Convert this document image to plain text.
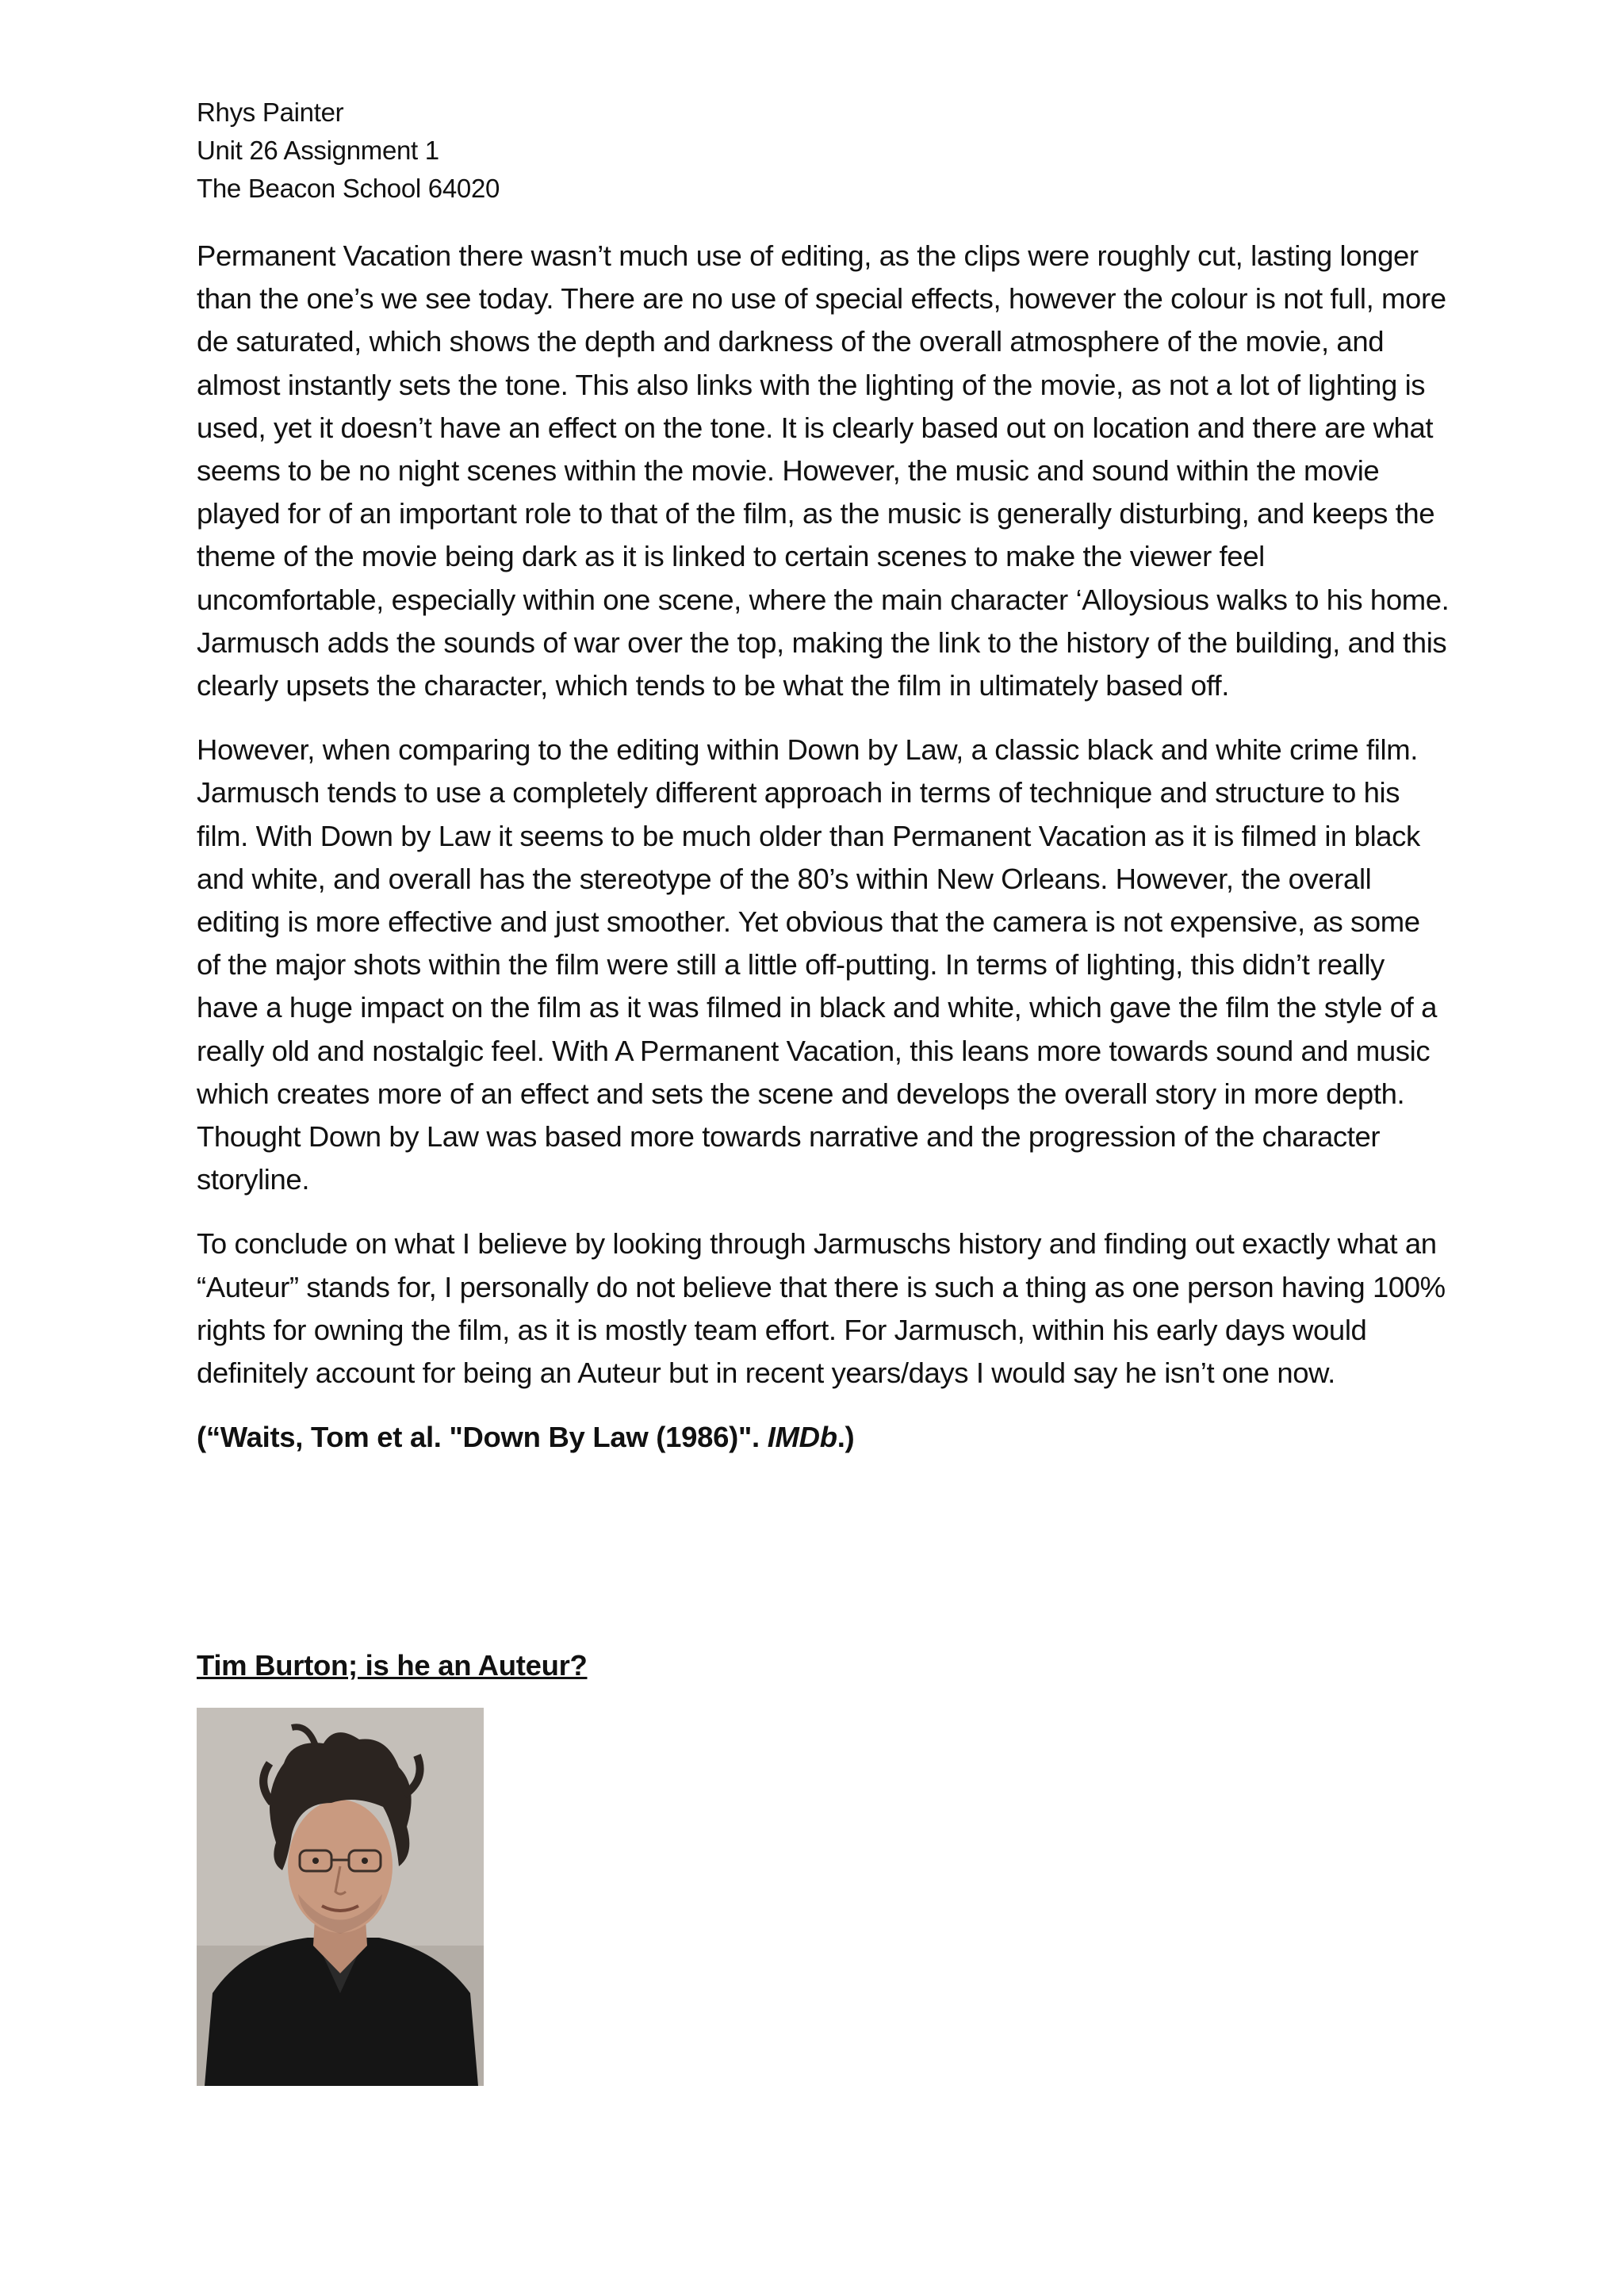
Rhys Painter
Unit 26 Assignment 1
The Beacon School 64020

Permanent Vacation there wasn’t much use of editing, as the clips were roughly cut, lasting longer than the one’s we see today. There are no use of special effects, however the colour is not full, more de saturated, which shows the depth and darkness of the overall atmosphere of the movie, and almost instantly sets the tone. This also links with the lighting of the movie, as not a lot of lighting is used, yet it doesn’t have an effect on the tone. It is clearly based out on location and there are what seems to be no night scenes within the movie. However, the music and sound within the movie played for of an important role to that of the film, as the music is generally disturbing, and keeps the theme of the movie being dark as it is linked to certain scenes to make the viewer feel uncomfortable, especially within one scene, where the main character ‘Alloysious walks to his home. Jarmusch adds the sounds of war over the top, making the link to the history of the building, and this clearly upsets the character, which tends to be what the film in ultimately based off.

However, when comparing to the editing within Down by Law, a classic black and white crime film. Jarmusch tends to use a completely different approach in terms of technique and structure to his film. With Down by Law it seems to be much older than Permanent Vacation as it is filmed in black and white, and overall has the stereotype of the 80’s within New Orleans. However, the overall editing is more effective and just smoother. Yet obvious that the camera is not expensive, as some of the major shots within the film were still a little off-putting. In terms of lighting, this didn’t really have a huge impact on the film as it was filmed in black and white, which gave the film the style of a really old and nostalgic feel. With A Permanent Vacation, this leans more towards sound and music which creates more of an effect and sets the scene and develops the overall story in more depth. Thought Down by Law was based more towards narrative and the progression of the character storyline.

To conclude on what I believe by looking through Jarmuschs history and finding out exactly what an “Auteur” stands for, I personally do not believe that there is such a thing as one person having 100% rights for owning the film, as it is mostly team effort. For Jarmusch, within his early days would definitely account for being an Auteur but in recent years/days I would say he isn’t one now.

(“Waits, Tom et al. "Down By Law (1986)". IMDb.)

Tim Burton; is he an Auteur?
